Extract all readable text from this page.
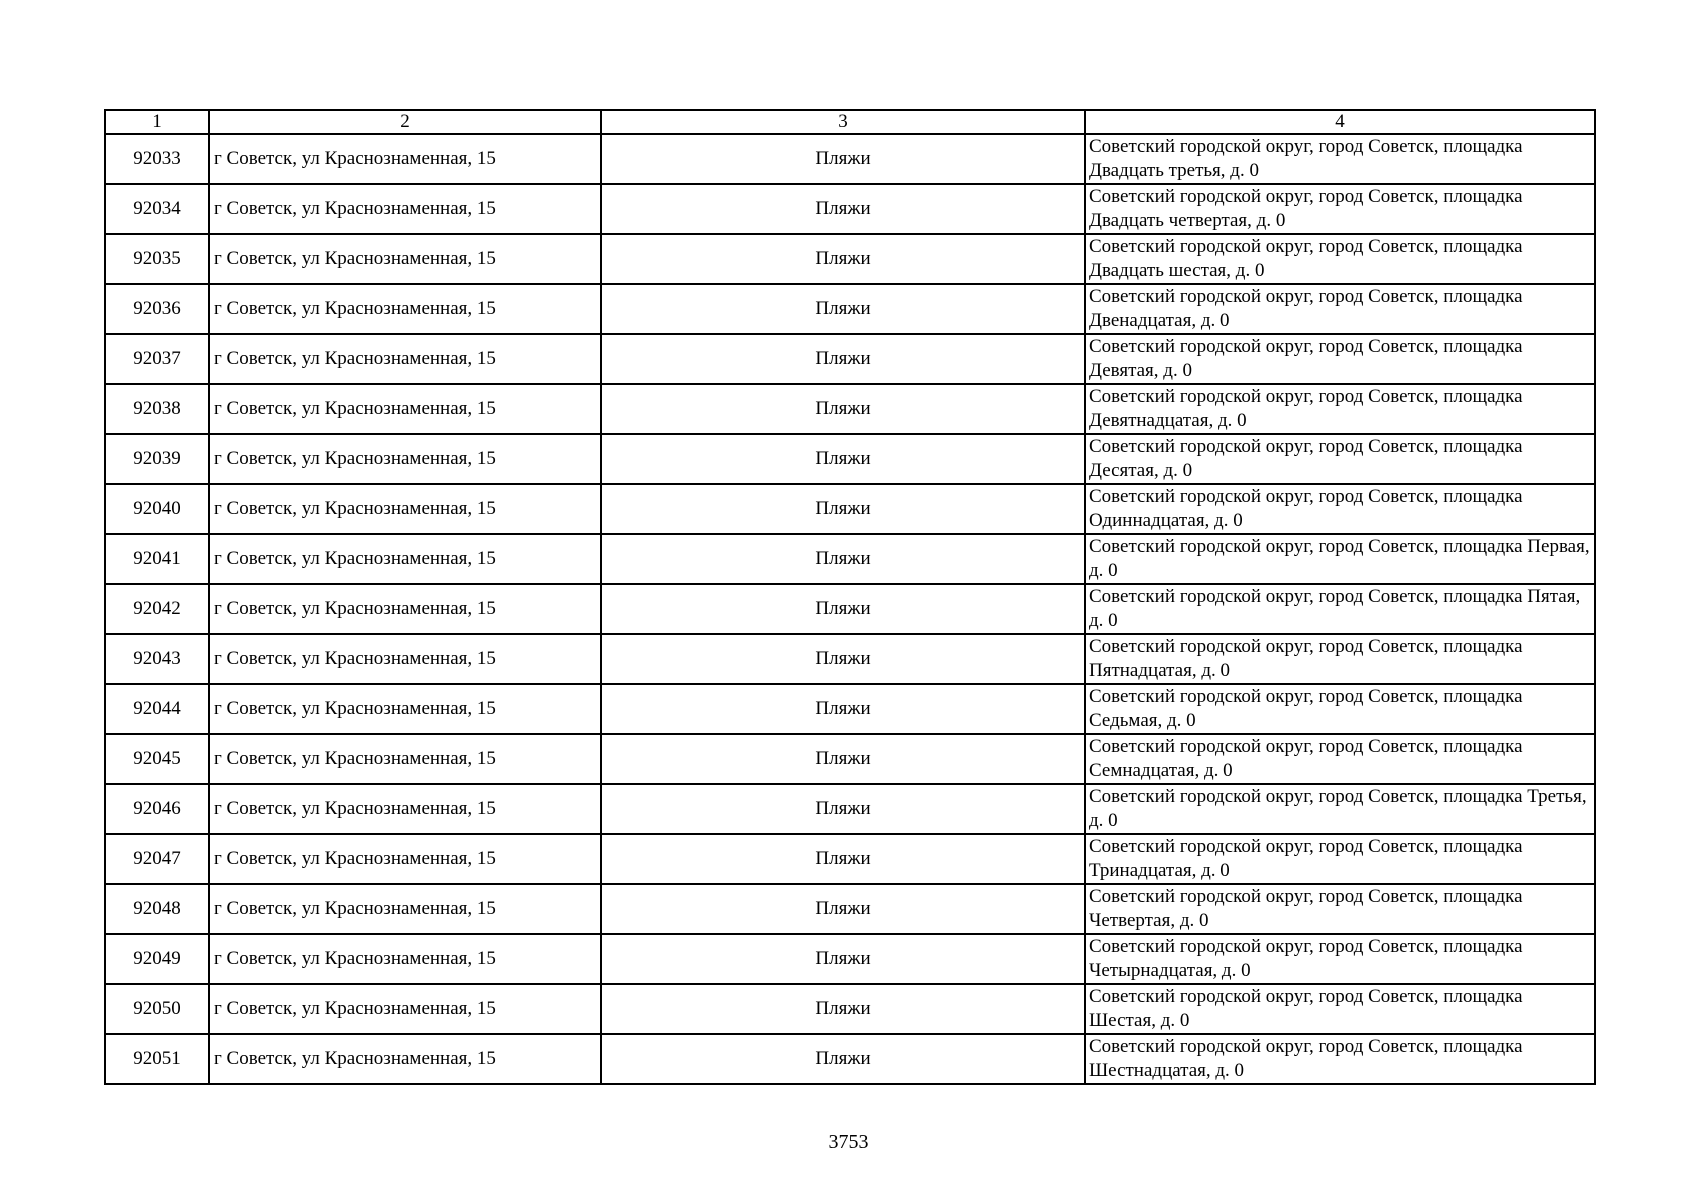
1	2	3	4
92033	г Советск, ул Краснознаменная, 15	Пляжи	Советский городской округ, город Советск, площадка Двадцать третья, д. 0
92034	г Советск, ул Краснознаменная, 15	Пляжи	Советский городской округ, город Советск, площадка Двадцать четвертая, д. 0
92035	г Советск, ул Краснознаменная, 15	Пляжи	Советский городской округ, город Советск, площадка Двадцать шестая, д. 0
92036	г Советск, ул Краснознаменная, 15	Пляжи	Советский городской округ, город Советск, площадка Двенадцатая, д. 0
92037	г Советск, ул Краснознаменная, 15	Пляжи	Советский городской округ, город Советск, площадка Девятая, д. 0
92038	г Советск, ул Краснознаменная, 15	Пляжи	Советский городской округ, город Советск, площадка Девятнадцатая, д. 0
92039	г Советск, ул Краснознаменная, 15	Пляжи	Советский городской округ, город Советск, площадка Десятая, д. 0
92040	г Советск, ул Краснознаменная, 15	Пляжи	Советский городской округ, город Советск, площадка Одиннадцатая, д. 0
92041	г Советск, ул Краснознаменная, 15	Пляжи	Советский городской округ, город Советск, площадка Первая, д. 0
92042	г Советск, ул Краснознаменная, 15	Пляжи	Советский городской округ, город Советск, площадка Пятая, д. 0
92043	г Советск, ул Краснознаменная, 15	Пляжи	Советский городской округ, город Советск, площадка Пятнадцатая, д. 0
92044	г Советск, ул Краснознаменная, 15	Пляжи	Советский городской округ, город Советск, площадка Седьмая, д. 0
92045	г Советск, ул Краснознаменная, 15	Пляжи	Советский городской округ, город Советск, площадка Семнадцатая, д. 0
92046	г Советск, ул Краснознаменная, 15	Пляжи	Советский городской округ, город Советск, площадка Третья, д. 0
92047	г Советск, ул Краснознаменная, 15	Пляжи	Советский городской округ, город Советск, площадка Тринадцатая, д. 0
92048	г Советск, ул Краснознаменная, 15	Пляжи	Советский городской округ, город Советск, площадка Четвертая, д. 0
92049	г Советск, ул Краснознаменная, 15	Пляжи	Советский городской округ, город Советск, площадка Четырнадцатая, д. 0
92050	г Советск, ул Краснознаменная, 15	Пляжи	Советский городской округ, город Советск, площадка Шестая, д. 0
92051	г Советск, ул Краснознаменная, 15	Пляжи	Советский городской округ, город Советск, площадка Шестнадцатая, д. 0
3753
